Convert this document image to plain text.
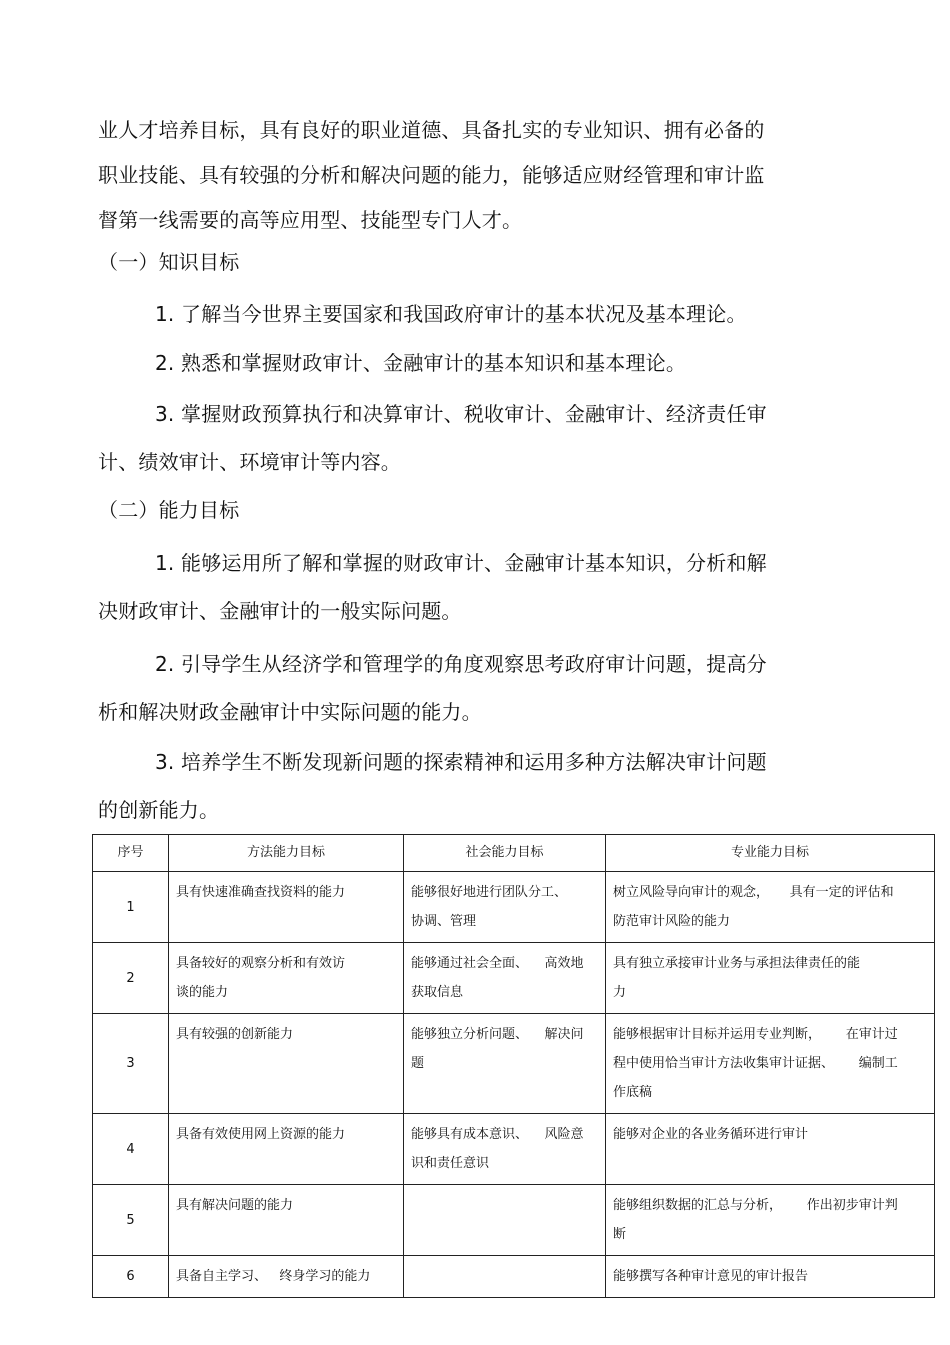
业人才培养目标，具有良好的职业道德、具备扎实的专业知识、拥有必备的
职业技能、具有较强的分析和解决问题的能力，能够适应财经管理和审计监
督第一线需要的高等应用型、技能型专门人才。
（一）知识目标
1. 了解当今世界主要国家和我国政府审计的基本状况及基本理论。
2. 熟悉和掌握财政审计、金融审计的基本知识和基本理论。
3. 掌握财政预算执行和决算审计、税收审计、金融审计、经济责任审
计、绩效审计、环境审计等内容。
（二）能力目标
1. 能够运用所了解和掌握的财政审计、金融审计基本知识，分析和解
决财政审计、金融审计的一般实际问题。
2. 引导学生从经济学和管理学的角度观察思考政府审计问题，提高分
析和解决财政金融审计中实际问题的能力。
3. 培养学生不断发现新问题的探索精神和运用多种方法解决审计问题
的创新能力。
序号	方法能力目标	社会能力目标	专业能力目标
1	具有快速准确查找资料的能力	能够很好地进行团队分工、
协调、管理	树立风险导向审计的观念，     具有一定的评估和
防范审计风险的能力

2	具备较好的观察分析和有效访
谈的能力	能够通过社会全面、    高效地
获取信息	具有独立承接审计业务与承担法律责任的能
力

3	具有较强的创新能力	能够独立分析问题、    解决问
题	能够根据审计目标并运用专业判断，      在审计过
程中使用恰当审计方法收集审计证据、      编制工
作底稿

4	具备有效使用网上资源的能力	能够具有成本意识、    风险意
识和责任意识	能够对企业的各业务循环进行审计

5	具有解决问题的能力		能够组织数据的汇总与分析，      作出初步审计判
断

6	具备自主学习、   终身学习的能力		能够撰写各种审计意见的审计报告
